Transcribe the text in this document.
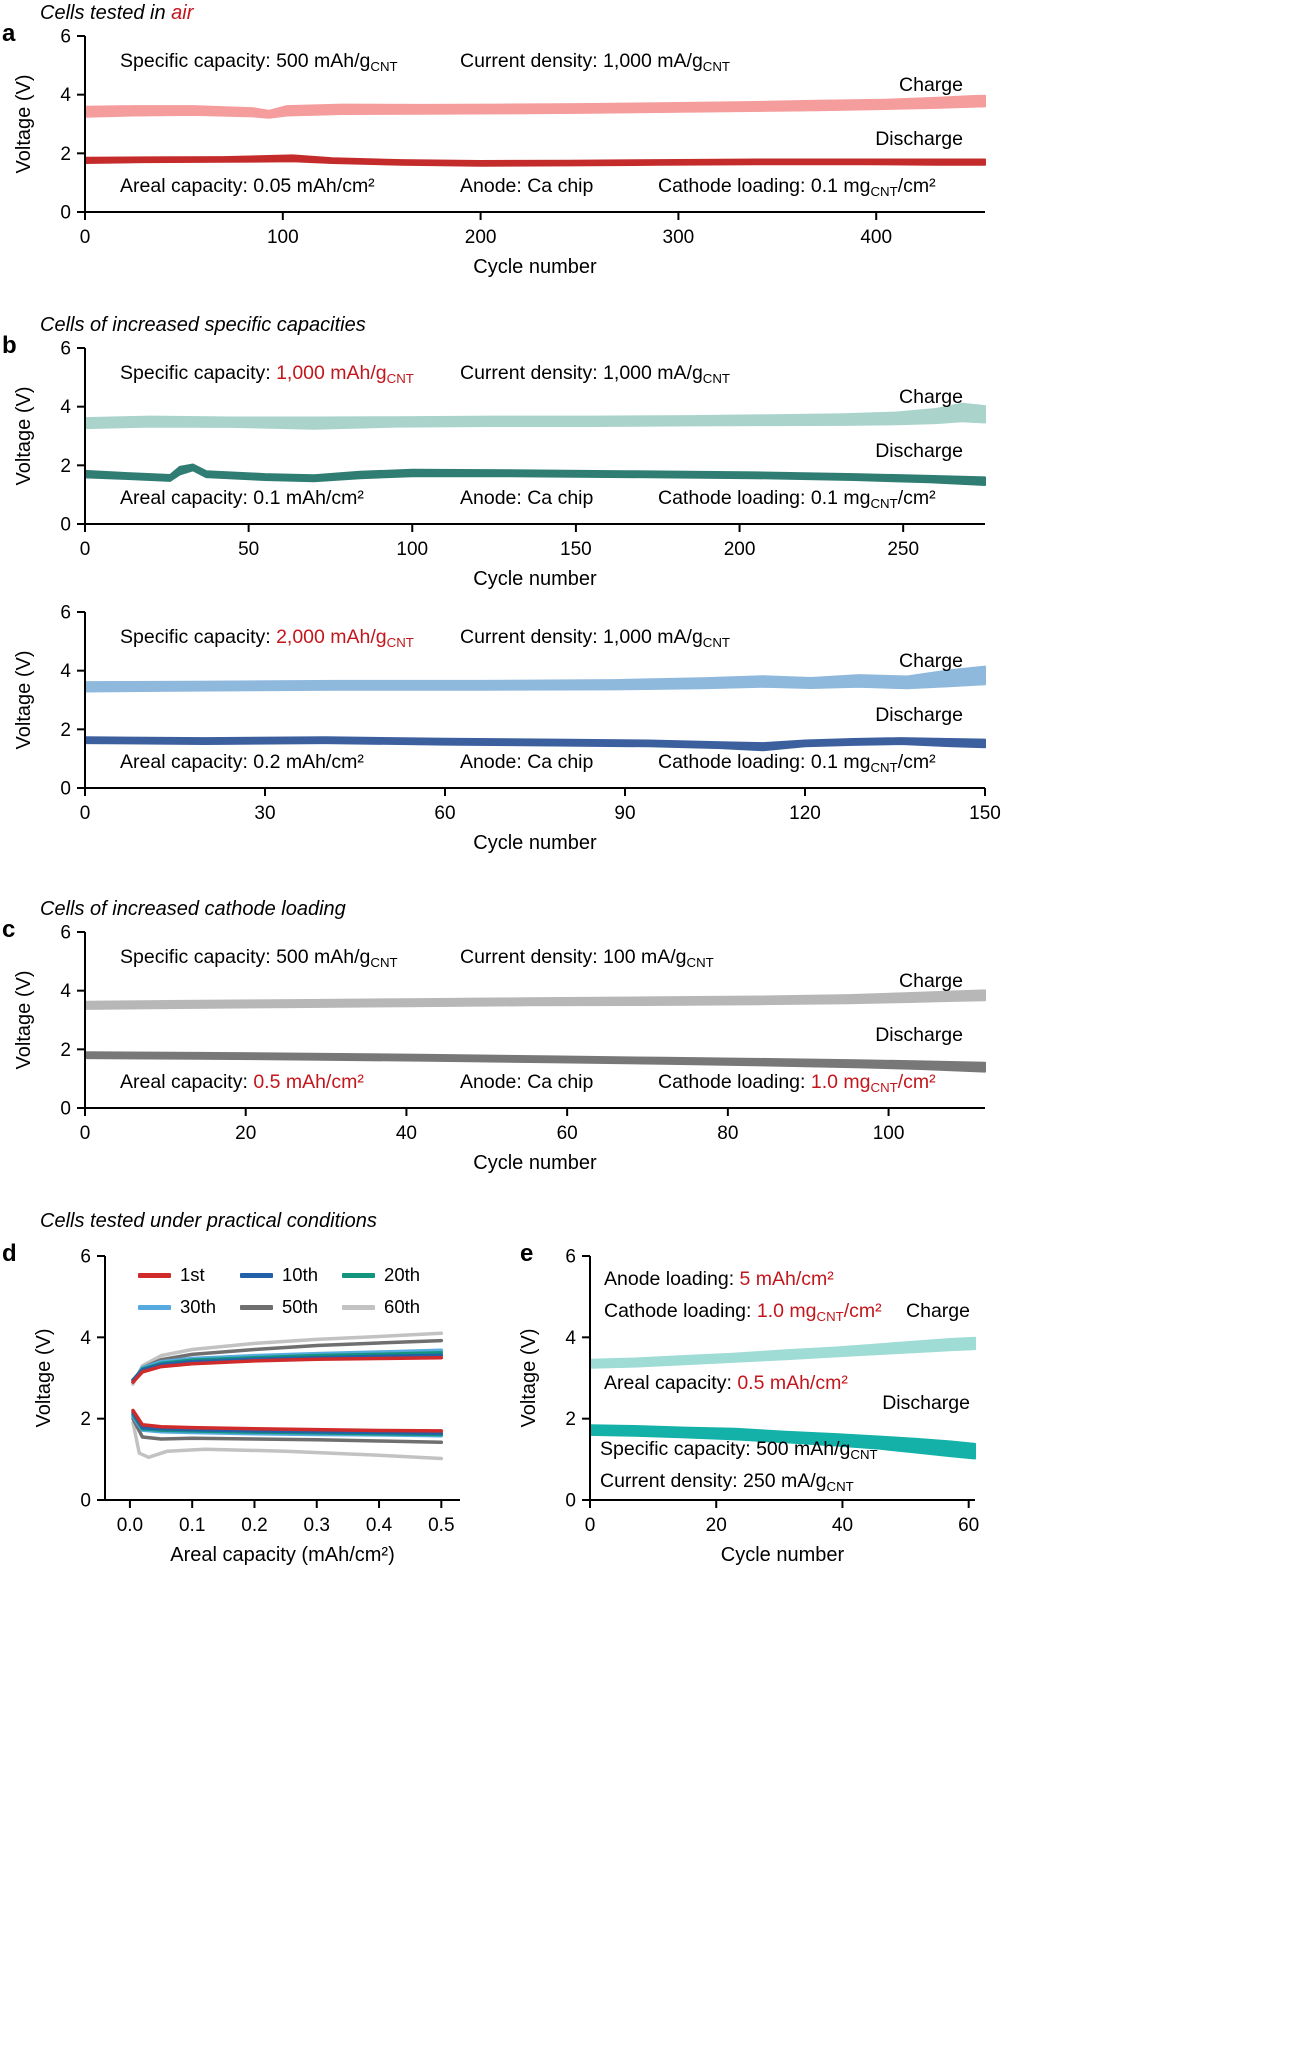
0
2
4
6
0	100	200	300	400
Cycle number
Voltage (V)
0
2
4
6
0	50	100	150	200	250
Cycle number
Voltage (V)
0
2
4
6
0	30	60	90	120	150
Cycle number
Voltage (V)
0
2
4
6
0	20	40	60	80	100
Cycle number
Voltage (V)
0
2
4
6
0.0 0.1 0.2 0.3 0.4 0.5
Areal capacity (mAh/cm²)
Voltage (V)
0
2
4
6
0	20	40	60
Cycle number
Voltage (V)
Cells tested in air
a
Specific capacity: 500 mAh/$g_{CNT}$	Current density: 1,000 $mA/g_{CNT}$
Charge
Discharge
Areal capacity: 0.05 mAh/cm²	Anode: Ca chip	Cathode loading: 0.1 $mg_{CNT}$/cm²
Cells of increased specific capacities
b
Specific capacity: 1,000 mAh/$g_{CNT}$ Current density: 1,000 $mA/g_{CNT}$
Charge
Discharge
Areal capacity: 0.1 mAh/cm²	Anode: Ca chip	Cathode loading: 0.1 $mg_{CNT}$/cm²
Specific capacity: 2,000 mAh/$g_{CNT}$ Current density: 1,000 $mA/g_{CNT}$
Charge
Discharge
Areal capacity: 0.2 mAh/cm²	Anode: Ca chip	Cathode loading: 0.1 $mg_{CNT}$/cm²
Cells of increased cathode loading
c
Specific capacity: 500 mAh/$g_{CNT}$	Current density: 100 $mA/g_{CNT}$
Charge
Discharge
Areal capacity: 0.5 mAh/cm²	Anode: Ca chip	Cathode loading: 1.0 $mg_{CNT}$/cm²
Cells tested under practical conditions
d
1st	10th	20th
30th	50th	60th
e
Anode loading: 5 mAh/cm²
Cathode loading: 1.0 $mg_{CNT}$/cm²	Charge
Areal capacity: 0.5 mAh/cm²
Discharge
Specific capacity: 500 mAh/$g_{CNT}$
Current density: 250 $mA/g_{CNT}$
